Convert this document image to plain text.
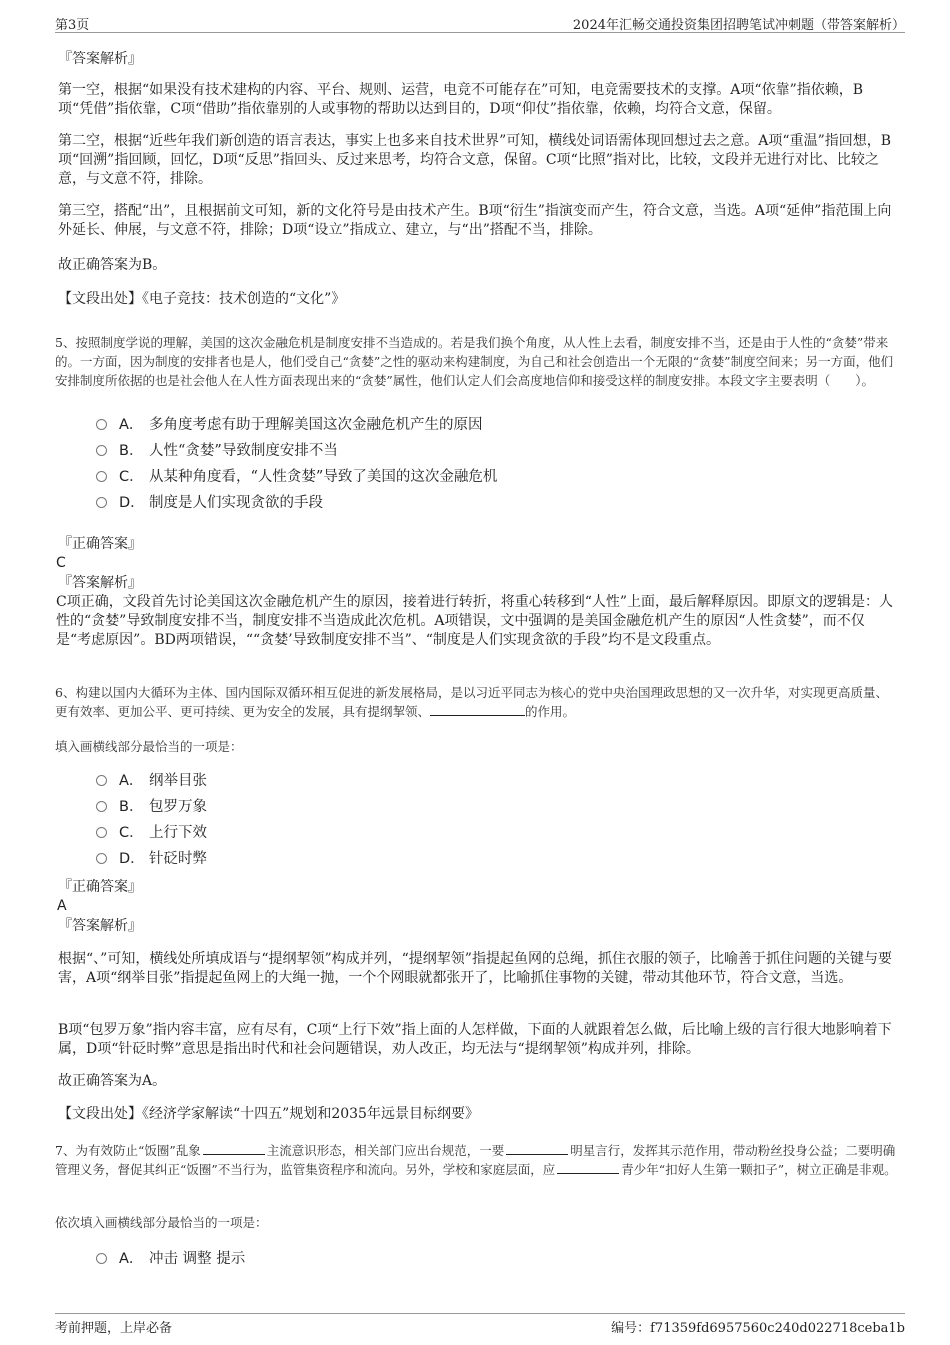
第3页	2024年汇畅交通投资集团招聘笔试冲刺题（带答案解析）

『答案解析』

第一空，根据“如果没有技术建构的内容、平台、规则、运营，电竞不可能存在”可知，电竞需要技术的支撑。A项“依靠”指依赖，B项“凭借”指依靠，C项“借助”指依靠别的人或事物的帮助以达到目的，D项“仰仗”指依靠，依赖，均符合文意，保留。

第二空，根据“近些年我们新创造的语言表达，事实上也多来自技术世界”可知，横线处词语需体现回想过去之意。A项“重温”指回想，B项“回溯”指回顾，回忆，D项“反思”指回头、反过来思考，均符合文意，保留。C项“比照”指对比，比较，文段并无进行对比、比较之意，与文意不符，排除。

第三空，搭配“出”，且根据前文可知，新的文化符号是由技术产生。B项“衍生”指演变而产生，符合文意，当选。A项“延伸”指范围上向外延长、伸展，与文意不符，排除；D项“设立”指成立、建立，与“出”搭配不当，排除。

故正确答案为B。

【文段出处】《电子竞技：技术创造的“文化”》

5、按照制度学说的理解，美国的这次金融危机是制度安排不当造成的。若是我们换个角度，从人性上去看，制度安排不当，还是由于人性的“贪婪”带来的。一方面，因为制度的安排者也是人，他们受自己“贪婪”之性的驱动来构建制度，为自己和社会创造出一个无限的“贪婪”制度空间来；另一方面，他们安排制度所依据的也是社会他人在人性方面表现出来的“贪婪”属性，他们认定人们会高度地信仰和接受这样的制度安排。本段文字主要表明（　　）。

A． 多角度考虑有助于理解美国这次金融危机产生的原因
B． 人性“贪婪”导致制度安排不当
C． 从某种角度看，“人性贪婪”导致了美国的这次金融危机
D． 制度是人们实现贪欲的手段

『正确答案』

C

『答案解析』

C项正确，文段首先讨论美国这次金融危机产生的原因，接着进行转折，将重心转移到“人性”上面，最后解释原因。即原文的逻辑是：人性的“贪婪”导致制度安排不当，制度安排不当造成此次危机。A项错误，文中强调的是美国金融危机产生的原因“人性贪婪”，而不仅是“考虑原因”。BD两项错误，““贪婪’导致制度安排不当”、“制度是人们实现贪欲的手段”均不是文段重点。

6、构建以国内大循环为主体、国内国际双循环相互促进的新发展格局，是以习近平同志为核心的党中央治国理政思想的又一次升华，对实现更高质量、更有效率、更加公平、更可持续、更为安全的发展，具有提纲挈领、	的作用。

填入画横线部分最恰当的一项是：

A． 纲举目张
B． 包罗万象
C． 上行下效
D． 针砭时弊

『正确答案』

A

『答案解析』

根据“、”可知，横线处所填成语与“提纲挈领”构成并列，“提纲挈领”指提起鱼网的总绳，抓住衣服的领子，比喻善于抓住问题的关键与要害，A项“纲举目张”指提起鱼网上的大绳一抛，一个个网眼就都张开了，比喻抓住事物的关键，带动其他环节，符合文意，当选。

B项“包罗万象”指内容丰富，应有尽有，C项“上行下效”指上面的人怎样做，下面的人就跟着怎么做，后比喻上级的言行很大地影响着下属，D项“针砭时弊”意思是指出时代和社会问题错误，劝人改正，均无法与“提纲挈领”构成并列，排除。

故正确答案为A。

【文段出处】《经济学家解读“十四五”规划和2035年远景目标纲要》

7、为有效防止“饭圈”乱象	主流意识形态，相关部门应出台规范，一要	明星言行，发挥其示范作用，带动粉丝投身公益；二要明确管理义务，督促其纠正“饭圈”不当行为，监管集资程序和流向。另外，学校和家庭层面，应	青少年“扣好人生第一颗扣子”，树立正确是非观。

依次填入画横线部分最恰当的一项是：

A． 冲击 调整 提示
考前押题，上岸必备	编号：f71359fd6957560c240d022718ceba1b
